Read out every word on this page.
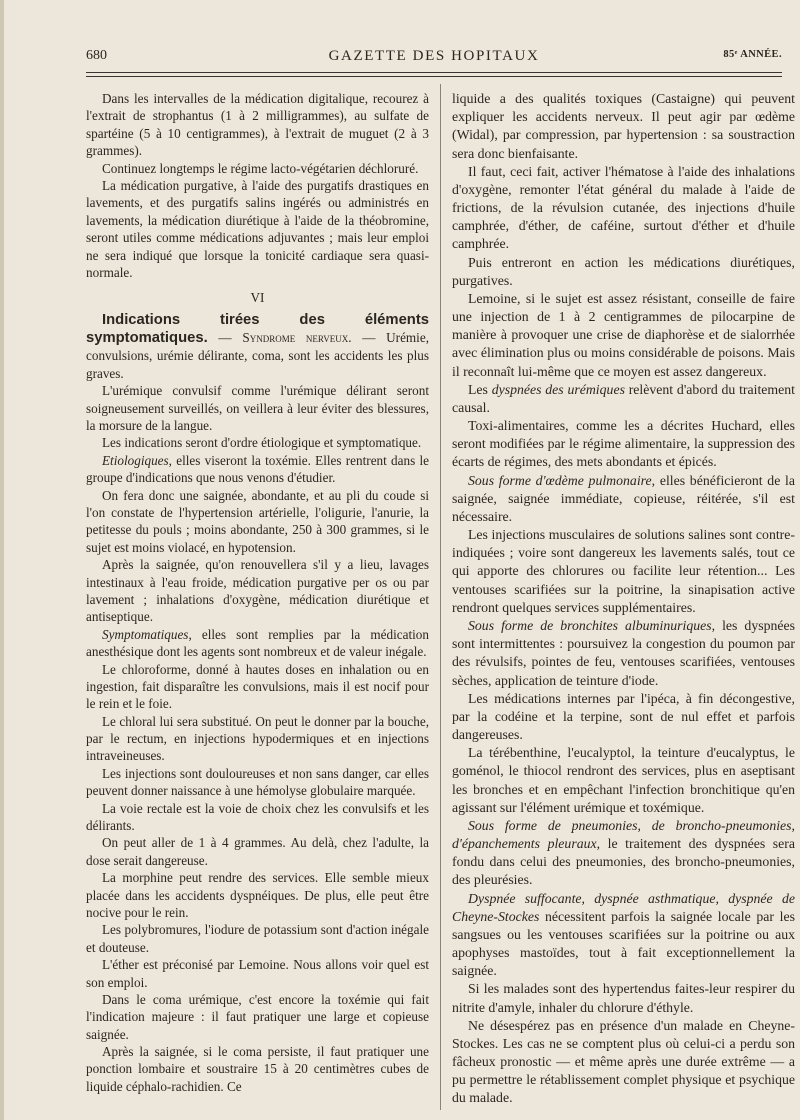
680	GAZETTE DES HOPITAUX	85ᵉ ANNÉE.

Dans les intervalles de la médication digitalique, recourez à l'extrait de strophantus (1 à 2 milligrammes), au sulfate de spartéine (5 à 10 centigrammes), à l'extrait de muguet (2 à 3 grammes).

Continuez longtemps le régime lacto-végétarien déchloruré.

La médication purgative, à l'aide des purgatifs drastiques en lavements, et des purgatifs salins ingérés ou administrés en lavements, la médication diurétique à l'aide de la théobromine, seront utiles comme médications adjuvantes ; mais leur emploi ne sera indiqué que lorsque la tonicité cardiaque sera quasi-normale.

VI

Indications tirées des éléments symptomatiques. — Syndrome nerveux. — Urémie, convulsions, urémie délirante, coma, sont les accidents les plus graves.

L'urémique convulsif comme l'urémique délirant seront soigneusement surveillés, on veillera à leur éviter des blessures, la morsure de la langue.

Les indications seront d'ordre étiologique et symptomatique.

Etiologiques, elles viseront la toxémie. Elles rentrent dans le groupe d'indications que nous venons d'étudier.

On fera donc une saignée, abondante, et au pli du coude si l'on constate de l'hypertension artérielle, l'oligurie, l'anurie, la petitesse du pouls ; moins abondante, 250 à 300 grammes, si le sujet est moins violacé, en hypotension.

Après la saignée, qu'on renouvellera s'il y a lieu, lavages intestinaux à l'eau froide, médication purgative per os ou par lavement ; inhalations d'oxygène, médication diurétique et antiseptique.

Symptomatiques, elles sont remplies par la médication anesthésique dont les agents sont nombreux et de valeur inégale.

Le chloroforme, donné à hautes doses en inhalation ou en ingestion, fait disparaître les convulsions, mais il est nocif pour le rein et le foie.

Le chloral lui sera substitué. On peut le donner par la bouche, par le rectum, en injections hypodermiques et en injections intraveineuses.

Les injections sont douloureuses et non sans danger, car elles peuvent donner naissance à une hémolyse globulaire marquée.

La voie rectale est la voie de choix chez les convulsifs et les délirants.

On peut aller de 1 à 4 grammes. Au delà, chez l'adulte, la dose serait dangereuse.

La morphine peut rendre des services. Elle semble mieux placée dans les accidents dyspnéiques. De plus, elle peut être nocive pour le rein.

Les polybromures, l'iodure de potassium sont d'action inégale et douteuse.

L'éther est préconisé par Lemoine. Nous allons voir quel est son emploi.

Dans le coma urémique, c'est encore la toxémie qui fait l'indication majeure : il faut pratiquer une large et copieuse saignée.

Après la saignée, si le coma persiste, il faut pratiquer une ponction lombaire et soustraire 15 à 20 centimètres cubes de liquide céphalo-rachidien. Ce

liquide a des qualités toxiques (Castaigne) qui peuvent expliquer les accidents nerveux. Il peut agir par œdème (Widal), par compression, par hypertension : sa soustraction sera donc bienfaisante.

Il faut, ceci fait, activer l'hématose à l'aide des inhalations d'oxygène, remonter l'état général du malade à l'aide de frictions, de la révulsion cutanée, des injections d'huile camphrée, d'éther, de caféine, surtout d'éther et d'huile camphrée.

Puis entreront en action les médications diurétiques, purgatives.

Lemoine, si le sujet est assez résistant, conseille de faire une injection de 1 à 2 centigrammes de pilocarpine de manière à provoquer une crise de diaphorèse et de sialorrhée avec élimination plus ou moins considérable de poisons. Mais il reconnaît lui-même que ce moyen est assez dangereux.

Les dyspnées des urémiques relèvent d'abord du traitement causal.

Toxi-alimentaires, comme les a décrites Huchard, elles seront modifiées par le régime alimentaire, la suppression des écarts de régimes, des mets abondants et épicés.

Sous forme d'œdème pulmonaire, elles bénéficieront de la saignée, saignée immédiate, copieuse, réitérée, s'il est nécessaire.

Les injections musculaires de solutions salines sont contre-indiquées ; voire sont dangereux les lavements salés, tout ce qui apporte des chlorures ou facilite leur rétention... Les ventouses scarifiées sur la poitrine, la sinapisation active rendront quelques services supplémentaires.

Sous forme de bronchites albuminuriques, les dyspnées sont intermittentes : poursuivez la congestion du poumon par des révulsifs, pointes de feu, ventouses scarifiées, ventouses sèches, application de teinture d'iode.

Les médications internes par l'ipéca, à fin décongestive, par la codéine et la terpine, sont de nul effet et parfois dangereuses.

La térébenthine, l'eucalyptol, la teinture d'eucalyptus, le goménol, le thiocol rendront des services, plus en aseptisant les bronches et en empêchant l'infection bronchitique qu'en agissant sur l'élément urémique et toxémique.

Sous forme de pneumonies, de broncho-pneumonies, d'épanchements pleuraux, le traitement des dyspnées sera fondu dans celui des pneumonies, des broncho-pneumonies, des pleurésies.

Dyspnée suffocante, dyspnée asthmatique, dyspnée de Cheyne-Stockes nécessitent parfois la saignée locale par les sangsues ou les ventouses scarifiées sur la poitrine ou aux apophyses mastoïdes, tout à fait exceptionnellement la saignée.

Si les malades sont des hypertendus faites-leur respirer du nitrite d'amyle, inhaler du chlorure d'éthyle.

Ne désespérez pas en présence d'un malade en Cheyne-Stockes. Les cas ne se comptent plus où celui-ci a perdu son fâcheux pronostic — et même après une durée extrême — a pu permettre le rétablissement complet physique et psychique du malade.
